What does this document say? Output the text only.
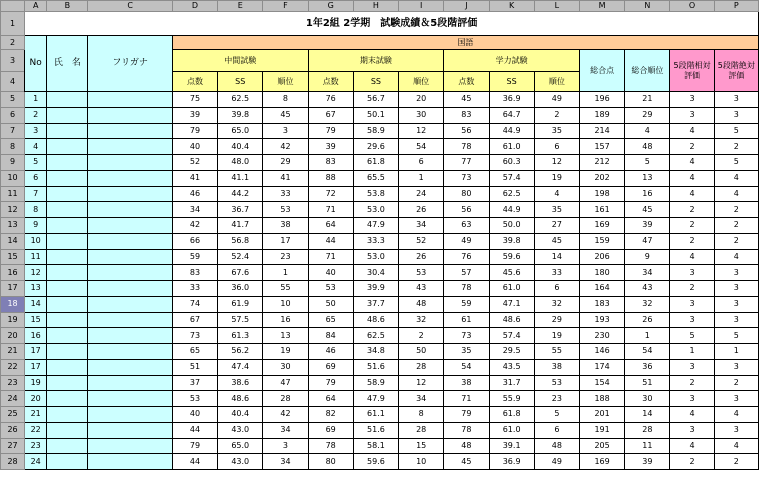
	A	B	C	D	E	F	G	H	I	J	K	L	M	N	O	P
1	1年2組 2学期　試験成績＆5段階評価															
2	No	氏　名	フリガナ	国語												
3				中間試験			期末試験			学力試験			総合点	総合順位	5段階相対評価	5段階絶対評価
4				点数	SS	順位	点数	SS	順位	点数	SS	順位				
5	1			75	62.5	8	76	56.7	20	45	36.9	49	196	21	3	3
6	2			39	39.8	45	67	50.1	30	83	64.7	2	189	29	3	3
7	3			79	65.0	3	79	58.9	12	56	44.9	35	214	4	4	5
8	4			40	40.4	42	39	29.6	54	78	61.0	6	157	48	2	2
9	5			52	48.0	29	83	61.8	6	77	60.3	12	212	5	4	5
10	6			41	41.1	41	88	65.5	1	73	57.4	19	202	13	4	4
11	7			46	44.2	33	72	53.8	24	80	62.5	4	198	16	4	4
12	8			34	36.7	53	71	53.0	26	56	44.9	35	161	45	2	2
13	9			42	41.7	38	64	47.9	34	63	50.0	27	169	39	2	2
14	10			66	56.8	17	44	33.3	52	49	39.8	45	159	47	2	2
15	11			59	52.4	23	71	53.0	26	76	59.6	14	206	9	4	4
16	12			83	67.6	1	40	30.4	53	57	45.6	33	180	34	3	3
17	13			33	36.0	55	53	39.9	43	78	61.0	6	164	43	2	3
18	14			74	61.9	10	50	37.7	48	59	47.1	32	183	32	3	3
19	15			67	57.5	16	65	48.6	32	61	48.6	29	193	26	3	3
20	16			73	61.3	13	84	62.5	2	73	57.4	19	230	1	5	5
21	17			65	56.2	19	46	34.8	50	35	29.5	55	146	54	1	1
22	17			51	47.4	30	69	51.6	28	54	43.5	38	174	36	3	3
23	19			37	38.6	47	79	58.9	12	38	31.7	53	154	51	2	2
24	20			53	48.6	28	64	47.9	34	71	55.9	23	188	30	3	3
25	21			40	40.4	42	82	61.1	8	79	61.8	5	201	14	4	4
26	22			44	43.0	34	69	51.6	28	78	61.0	6	191	28	3	3
27	23			79	65.0	3	78	58.1	15	48	39.1	48	205	11	4	4
28	24			44	43.0	34	80	59.6	10	45	36.9	49	169	39	2	2
